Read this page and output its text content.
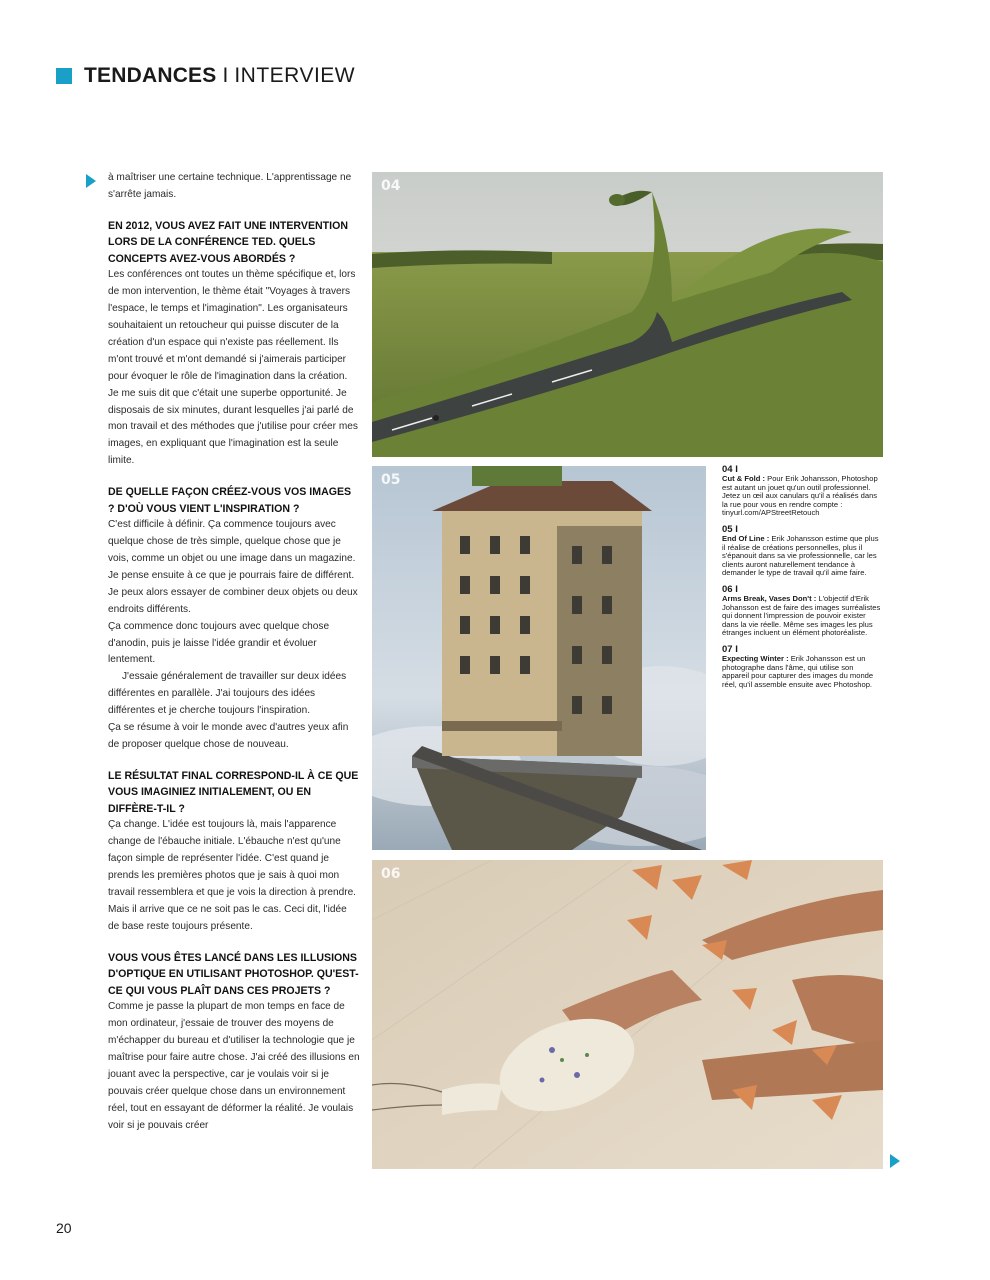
TENDANCES I INTERVIEW

à maîtriser une certaine technique. L'apprentissage ne s'arrête jamais.

EN 2012, VOUS AVEZ FAIT UNE INTERVENTION LORS DE LA CONFÉRENCE TED. QUELS CONCEPTS AVEZ-VOUS ABORDÉS ?

Les conférences ont toutes un thème spécifique et, lors de mon intervention, le thème était "Voyages à travers l'espace, le temps et l'imagination". Les organisateurs souhaitaient un retoucheur qui puisse discuter de la création d'un espace qui n'existe pas réellement. Ils m'ont trouvé et m'ont demandé si j'aimerais participer pour évoquer le rôle de l'imagination dans la création. Je me suis dit que c'était une superbe opportunité. Je disposais de six minutes, durant lesquelles j'ai parlé de mon travail et des méthodes que j'utilise pour créer mes images, en expliquant que l'imagination est la seule limite.

DE QUELLE FAÇON CRÉEZ-VOUS VOS IMAGES ? D'OÙ VOUS VIENT L'INSPIRATION ?

C'est difficile à définir. Ça commence toujours avec quelque chose de très simple, quelque chose que je vois, comme un objet ou une image dans un magazine. Je pense ensuite à ce que je pourrais faire de différent. Je peux alors essayer de combiner deux objets ou deux endroits différents.

Ça commence donc toujours avec quelque chose d'anodin, puis je laisse l'idée grandir et évoluer lentement.

J'essaie généralement de travailler sur deux idées différentes en parallèle. J'ai toujours des idées différentes et je cherche toujours l'inspiration.

Ça se résume à voir le monde avec d'autres yeux afin de proposer quelque chose de nouveau.

LE RÉSULTAT FINAL CORRESPOND-IL À CE QUE VOUS IMAGINIEZ INITIALEMENT, OU EN DIFFÈRE-T-IL ?

Ça change. L'idée est toujours là, mais l'apparence change de l'ébauche initiale. L'ébauche n'est qu'une façon simple de représenter l'idée. C'est quand je prends les premières photos que je sais à quoi mon travail ressemblera et que je vois la direction à prendre. Mais il arrive que ce ne soit pas le cas. Ceci dit, l'idée de base reste toujours présente.

VOUS VOUS ÊTES LANCÉ DANS LES ILLUSIONS D'OPTIQUE EN UTILISANT PHOTOSHOP. QU'EST-CE QUI VOUS PLAÎT DANS CES PROJETS ?

Comme je passe la plupart de mon temps en face de mon ordinateur, j'essaie de trouver des moyens de m'échapper du bureau et d'utiliser la technologie que je maîtrise pour faire autre chose. J'ai créé des illusions en jouant avec la perspective, car je voulais voir si je pouvais créer quelque chose dans un environnement réel, tout en essayant de déformer la réalité. Je voulais voir si je pouvais créer

04
05
04 I
Cut & Fold : Pour Erik Johansson, Photoshop est autant un jouet qu'un outil professionnel. Jetez un œil aux canulars qu'il a réalisés dans la rue pour vous en rendre compte : tinyurl.com/APStreetRetouch
05 I
End Of Line : Erik Johansson estime que plus il réalise de créations personnelles, plus il s'épanouit dans sa vie professionnelle, car les clients auront naturellement tendance à demander le type de travail qu'il aime faire.
06 I
Arms Break, Vases Don't : L'objectif d'Erik Johansson est de faire des images surréalistes qui donnent l'impression de pouvoir exister dans la vie réelle. Même ses images les plus étranges incluent un élément photoréaliste.
07 I
Expecting Winter : Erik Johansson est un photographe dans l'âme, qui utilise son appareil pour capturer des images du monde réel, qu'il assemble ensuite avec Photoshop.
06
20
